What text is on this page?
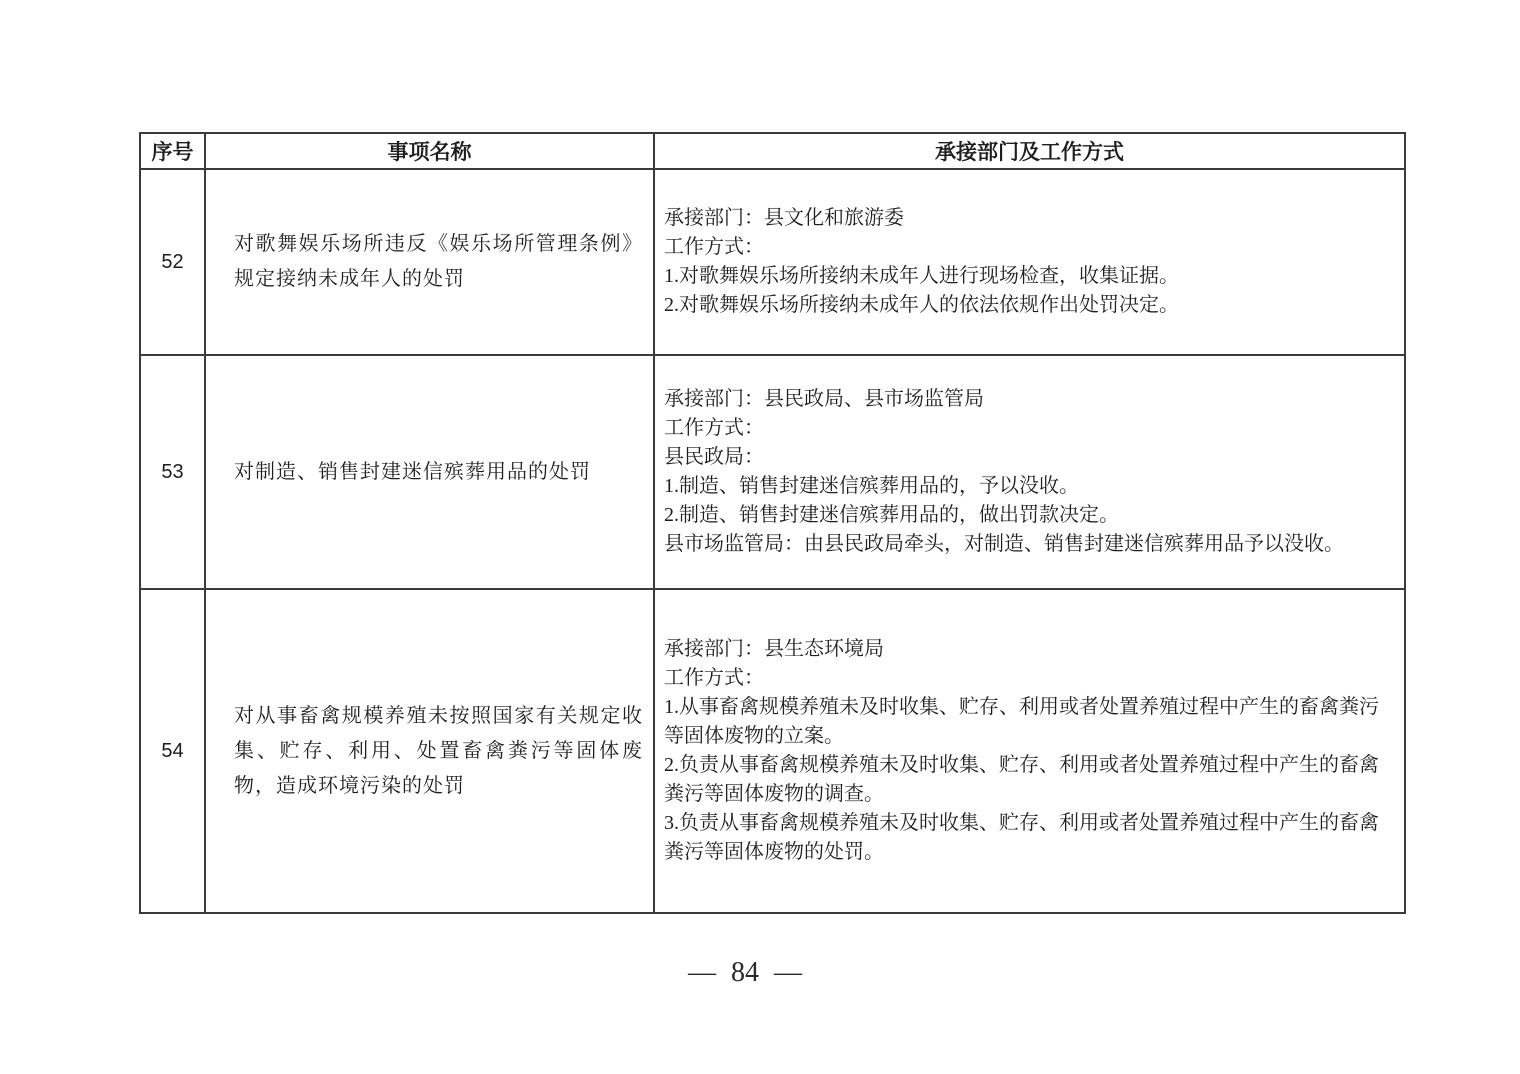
序号	事项名称	承接部门及工作方式
52	对歌舞娱乐场所违反《娱乐场所管理条例》规定接纳未成年人的处罚	承接部门：县文化和旅游委
工作方式：
1.对歌舞娱乐场所接纳未成年人进行现场检查，收集证据。
2.对歌舞娱乐场所接纳未成年人的依法依规作出处罚决定。

53	对制造、销售封建迷信殡葬用品的处罚	
承接部门：县民政局、县市场监管局
工作方式：
县民政局：
1.制造、销售封建迷信殡葬用品的，予以没收。
2.制造、销售封建迷信殡葬用品的，做出罚款决定。
县市场监管局：由县民政局牵头，对制造、销售封建迷信殡葬用品予以没收。

54	对从事畜禽规模养殖未按照国家有关规定收集、贮存、利用、处置畜禽粪污等固体废物，造成环境污染的处罚	承接部门：县生态环境局
工作方式：
1.从事畜禽规模养殖未及时收集、贮存、利用或者处置养殖过程中产生的畜禽粪污等固体废物的立案。
2.负责从事畜禽规模养殖未及时收集、贮存、利用或者处置养殖过程中产生的畜禽粪污等固体废物的调查。
3.负责从事畜禽规模养殖未及时收集、贮存、利用或者处置养殖过程中产生的畜禽粪污等固体废物的处罚。
— 84 —
